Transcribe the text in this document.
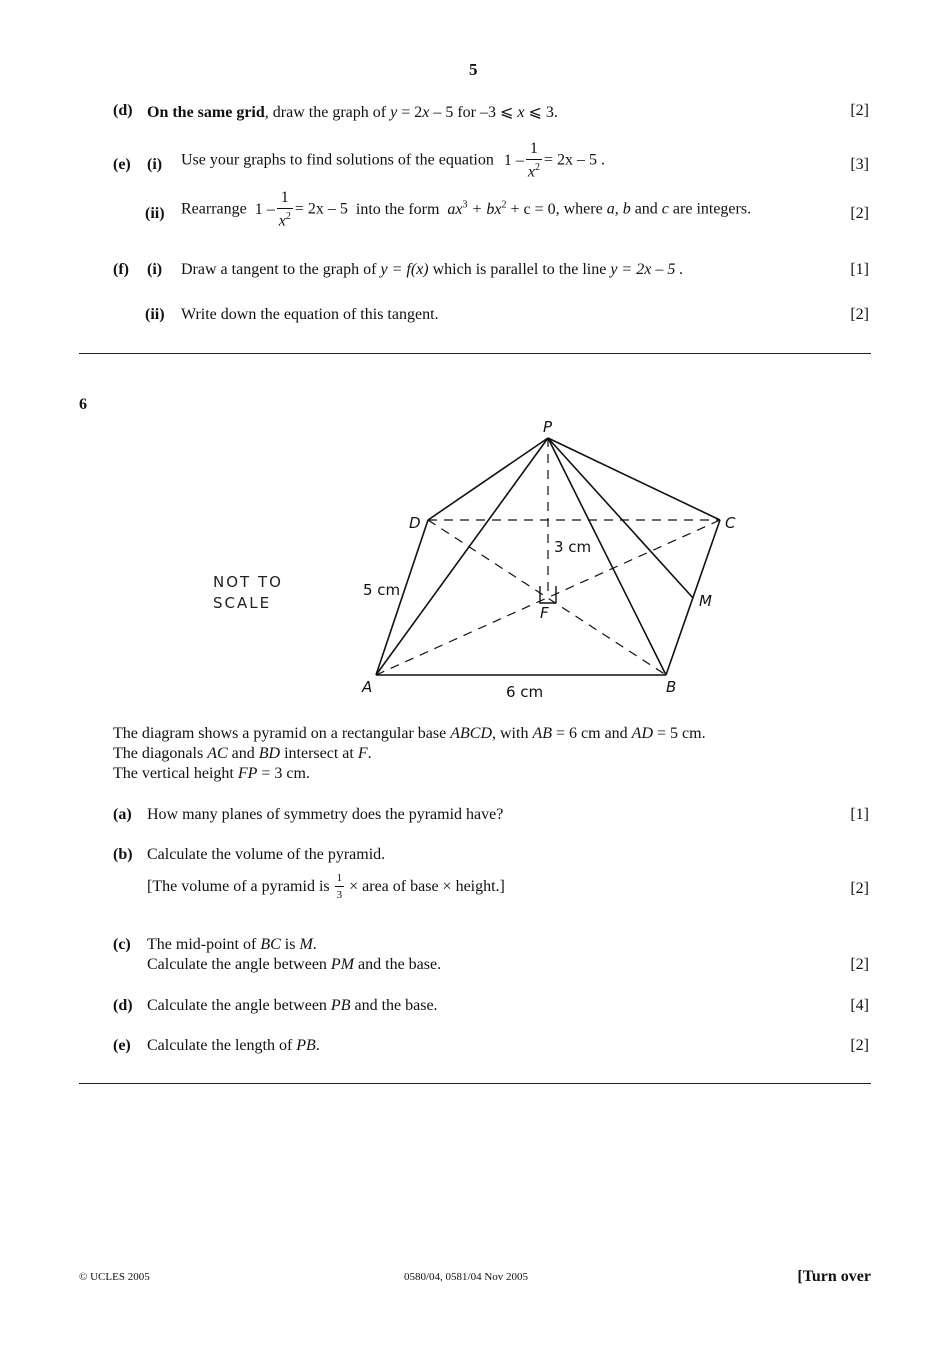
5
(d) On the same grid, draw the graph of y = 2x – 5 for –3 ⩽ x ⩽ 3.	[2]
(e) (i) Use your graphs to find solutions of the equation $1 - \frac{1}{x^2} = 2x - 5$ .	[3]
(ii) Rearrange $1 - \frac{1}{x^2} = 2x - 5$ into the form $ax^3 + bx^2 + c = 0$, where a, b and c are integers.	[2]
(f) (i) Draw a tangent to the graph of y = f(x) which is parallel to the line y = 2x – 5 .	[1]
(ii) Write down the equation of this tangent.	[2]
6
P
D	C
A	B
F
M
3 cm
5 cm
6 cm
NOT TO
SCALE
The diagram shows a pyramid on a rectangular base ABCD, with AB = 6 cm and AD = 5 cm.
The diagonals AC and BD intersect at F.
The vertical height FP = 3 cm.
(a) How many planes of symmetry does the pyramid have?	[1]
(b) Calculate the volume of the pyramid.
[The volume of a pyramid is $\frac{1}{3}$ × area of base × height.]	[2]
(c) The mid-point of BC is M.
Calculate the angle between PM and the base.	[2]
(d) Calculate the angle between PB and the base.	[4]
(e) Calculate the length of PB.	[2]
© UCLES 2005	0580/04, 0581/04 Nov 2005	[Turn over
